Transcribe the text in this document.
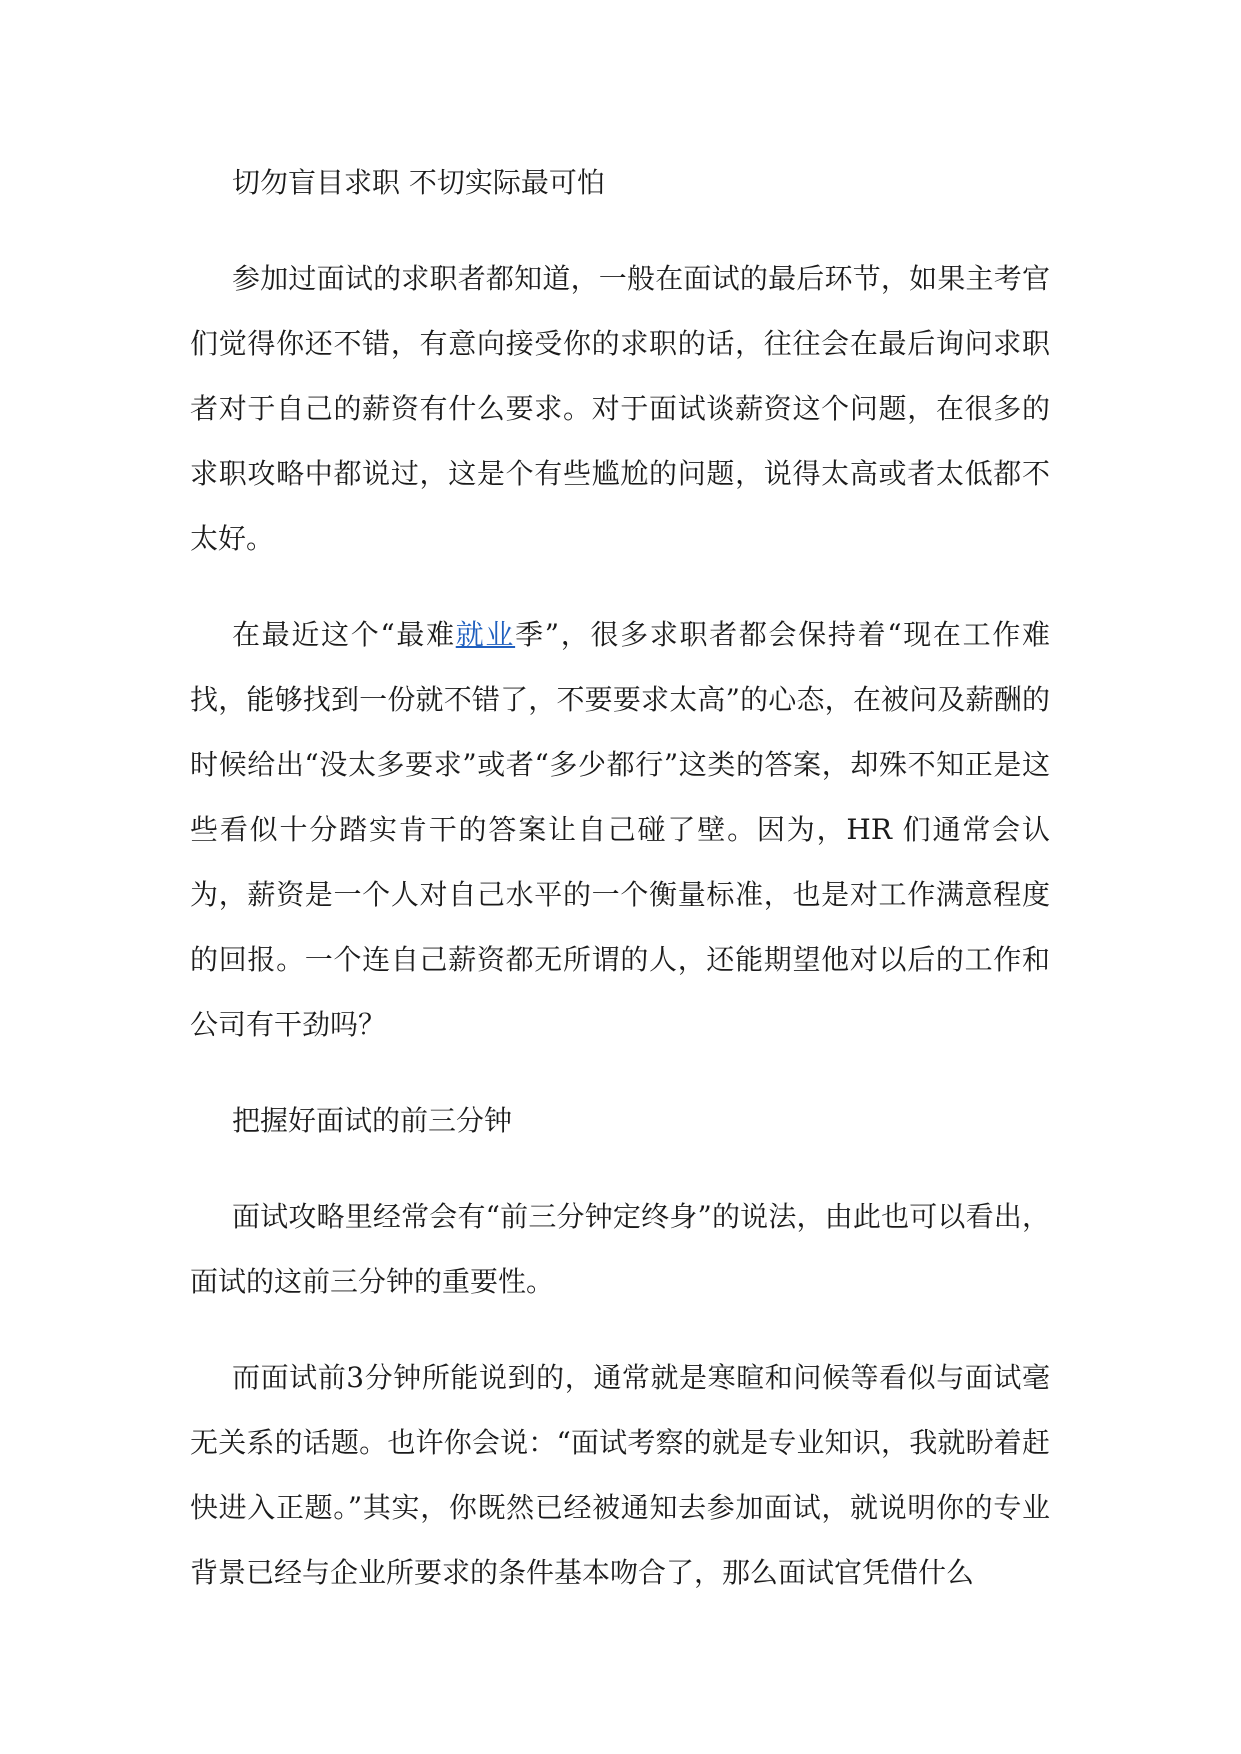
切勿盲目求职 不切实际最可怕

参加过面试的求职者都知道，一般在面试的最后环节，如果主考官们觉得你还不错，有意向接受你的求职的话，往往会在最后询问求职者对于自己的薪资有什么要求。对于面试谈薪资这个问题，在很多的求职攻略中都说过，这是个有些尴尬的问题，说得太高或者太低都不太好。

在最近这个“最难就业季”，很多求职者都会保持着“现在工作难找，能够找到一份就不错了，不要要求太高”的心态，在被问及薪酬的时候给出“没太多要求”或者“多少都行”这类的答案，却殊不知正是这些看似十分踏实肯干的答案让自己碰了壁。因为，HR 们通常会认为，薪资是一个人对自己水平的一个衡量标准，也是对工作满意程度的回报。一个连自己薪资都无所谓的人，还能期望他对以后的工作和公司有干劲吗？

把握好面试的前三分钟

面试攻略里经常会有“前三分钟定终身”的说法，由此也可以看出，面试的这前三分钟的重要性。

而面试前3分钟所能说到的，通常就是寒暄和问候等看似与面试毫无关系的话题。也许你会说：“面试考察的就是专业知识，我就盼着赶快进入正题。”其实，你既然已经被通知去参加面试，就说明你的专业背景已经与企业所要求的条件基本吻合了，那么面试官凭借什么
